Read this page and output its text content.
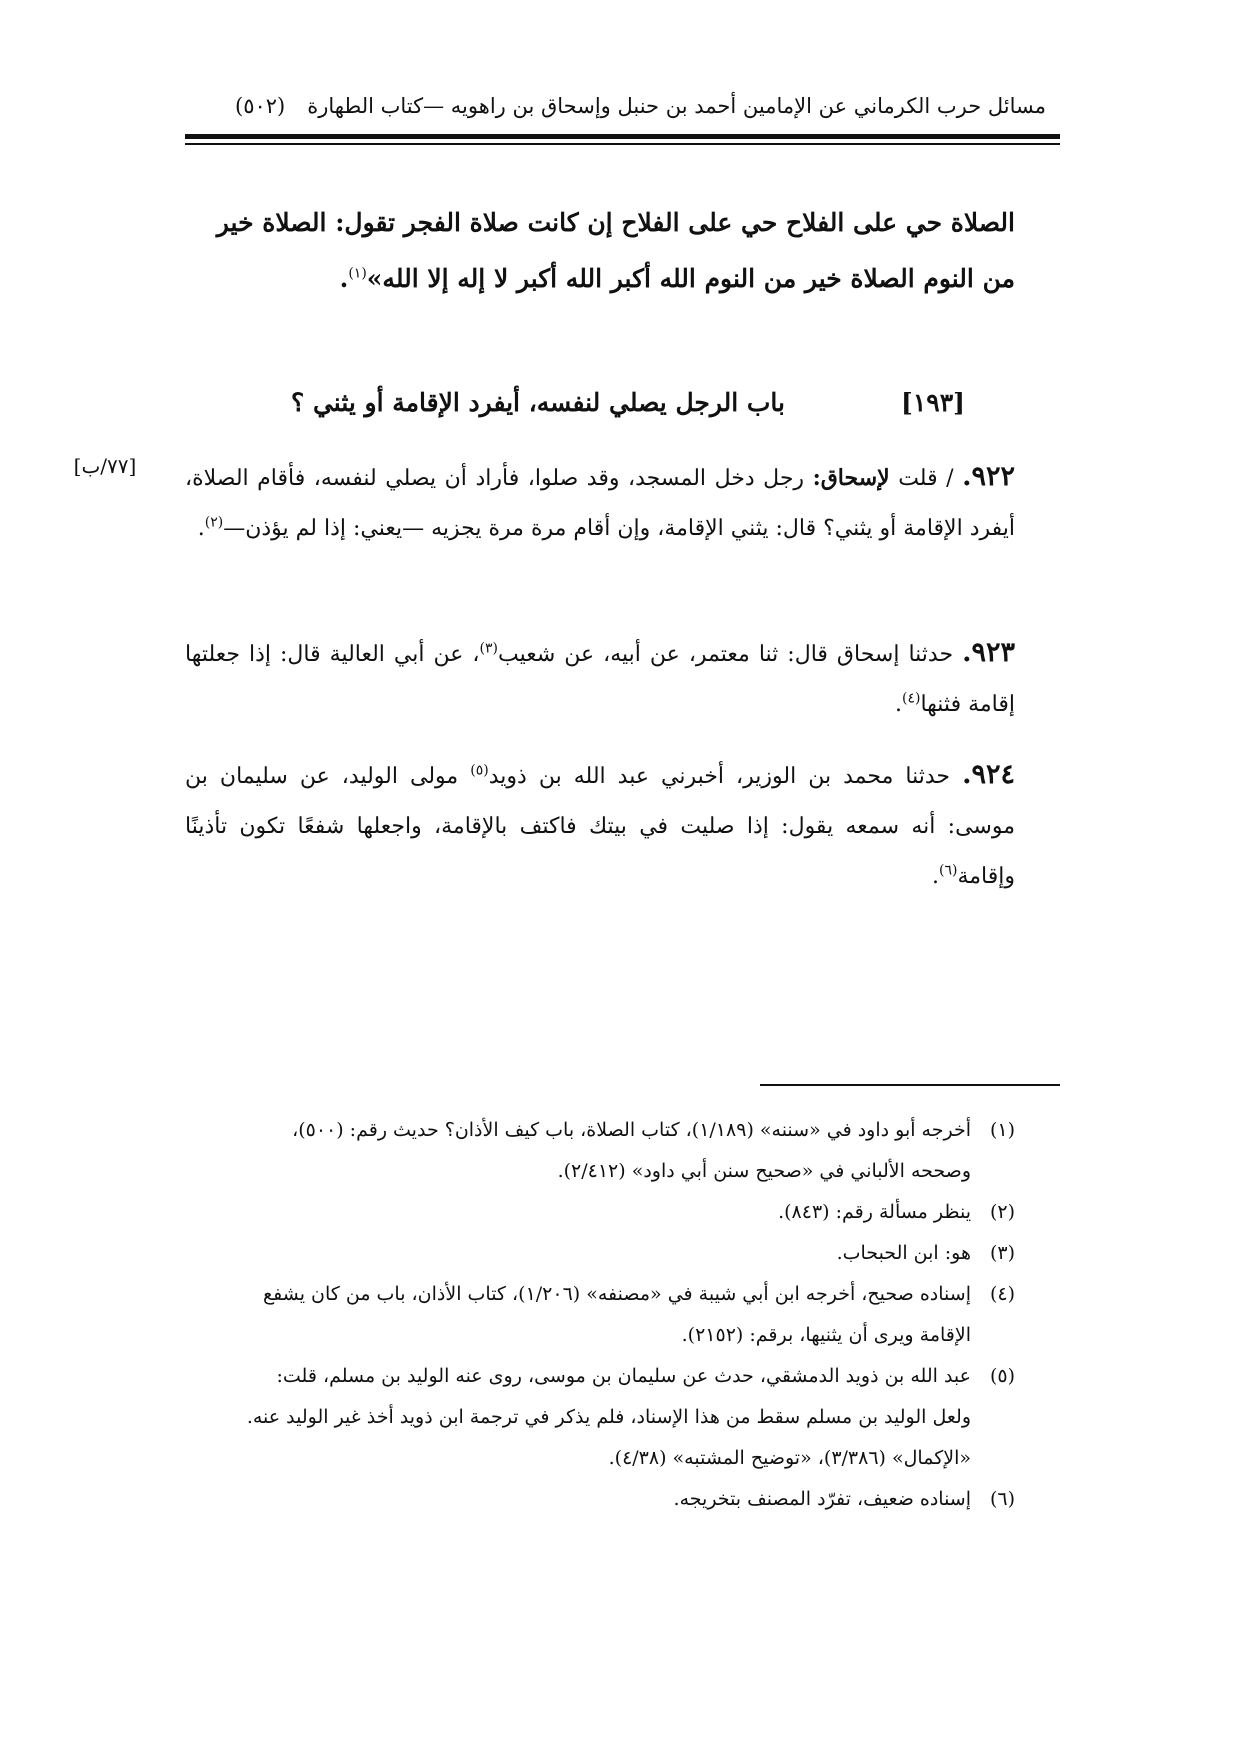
مسائل حرب الكرماني عن الإمامين أحمد بن حنبل وإسحاق بن راهويه —كتاب الطهارة
(٥٠٢)
الصلاة حي على الفلاح حي على الفلاح إن كانت صلاة الفجر تقول: الصلاة خير
من النوم الصلاة خير من النوم الله أكبر الله أكبر لا إله إلا الله»$^{(١)}$.
[١٩٣]
باب الرجل يصلي لنفسه، أيفرد الإقامة أو يثني ؟
[٧٧/ب]	٩٢٢. / قلت لإسحاق: رجل دخل المسجد، وقد صلوا، فأراد أن يصلي لنفسه، فأقام الصلاة، أيفرد الإقامة أو يثني؟ قال: يثني الإقامة، وإن أقام مرة مرة يجزيه —يعني: إذا لم يؤذن—$^{(٢)}$.
٩٢٣. حدثنا إسحاق قال: ثنا معتمر، عن أبيه، عن شعيب$^{(٣)}$، عن أبي العالية قال: إذا جعلتها إقامة فثنها$^{(٤)}$.
٩٢٤. حدثنا محمد بن الوزير، أخبرني عبد الله بن ذويد$^{(٥)}$ مولى الوليد، عن سليمان بن موسى: أنه سمعه يقول: إذا صليت في بيتك فاكتف بالإقامة، واجعلها شفعًا تكون تأذينًا وإقامة$^{(٦)}$.
(١)أخرجه أبو داود في «سننه» (١/١٨٩)، كتاب الصلاة، باب كيف الأذان؟ حديث رقم: (٥٠٠)،
وصححه الألباني في «صحيح سنن أبي داود» (٢/٤١٢).
(٢)ينظر مسألة رقم: (٨٤٣).
(٣)هو: ابن الحبحاب.
(٤)إسناده صحيح، أخرجه ابن أبي شيبة في «مصنفه» (١/٢٠٦)، كتاب الأذان، باب من كان يشفع
الإقامة ويرى أن يثنيها، برقم: (٢١٥٢).
(٥)عبد الله بن ذويد الدمشقي، حدث عن سليمان بن موسى، روى عنه الوليد بن مسلم، قلت:
ولعل الوليد بن مسلم سقط من هذا الإسناد، فلم يذكر في ترجمة ابن ذويد أخذ غير الوليد عنه.
«الإكمال» (٣/٣٨٦)، «توضيح المشتبه» (٤/٣٨).
(٦)إسناده ضعيف، تفرّد المصنف بتخريجه.
